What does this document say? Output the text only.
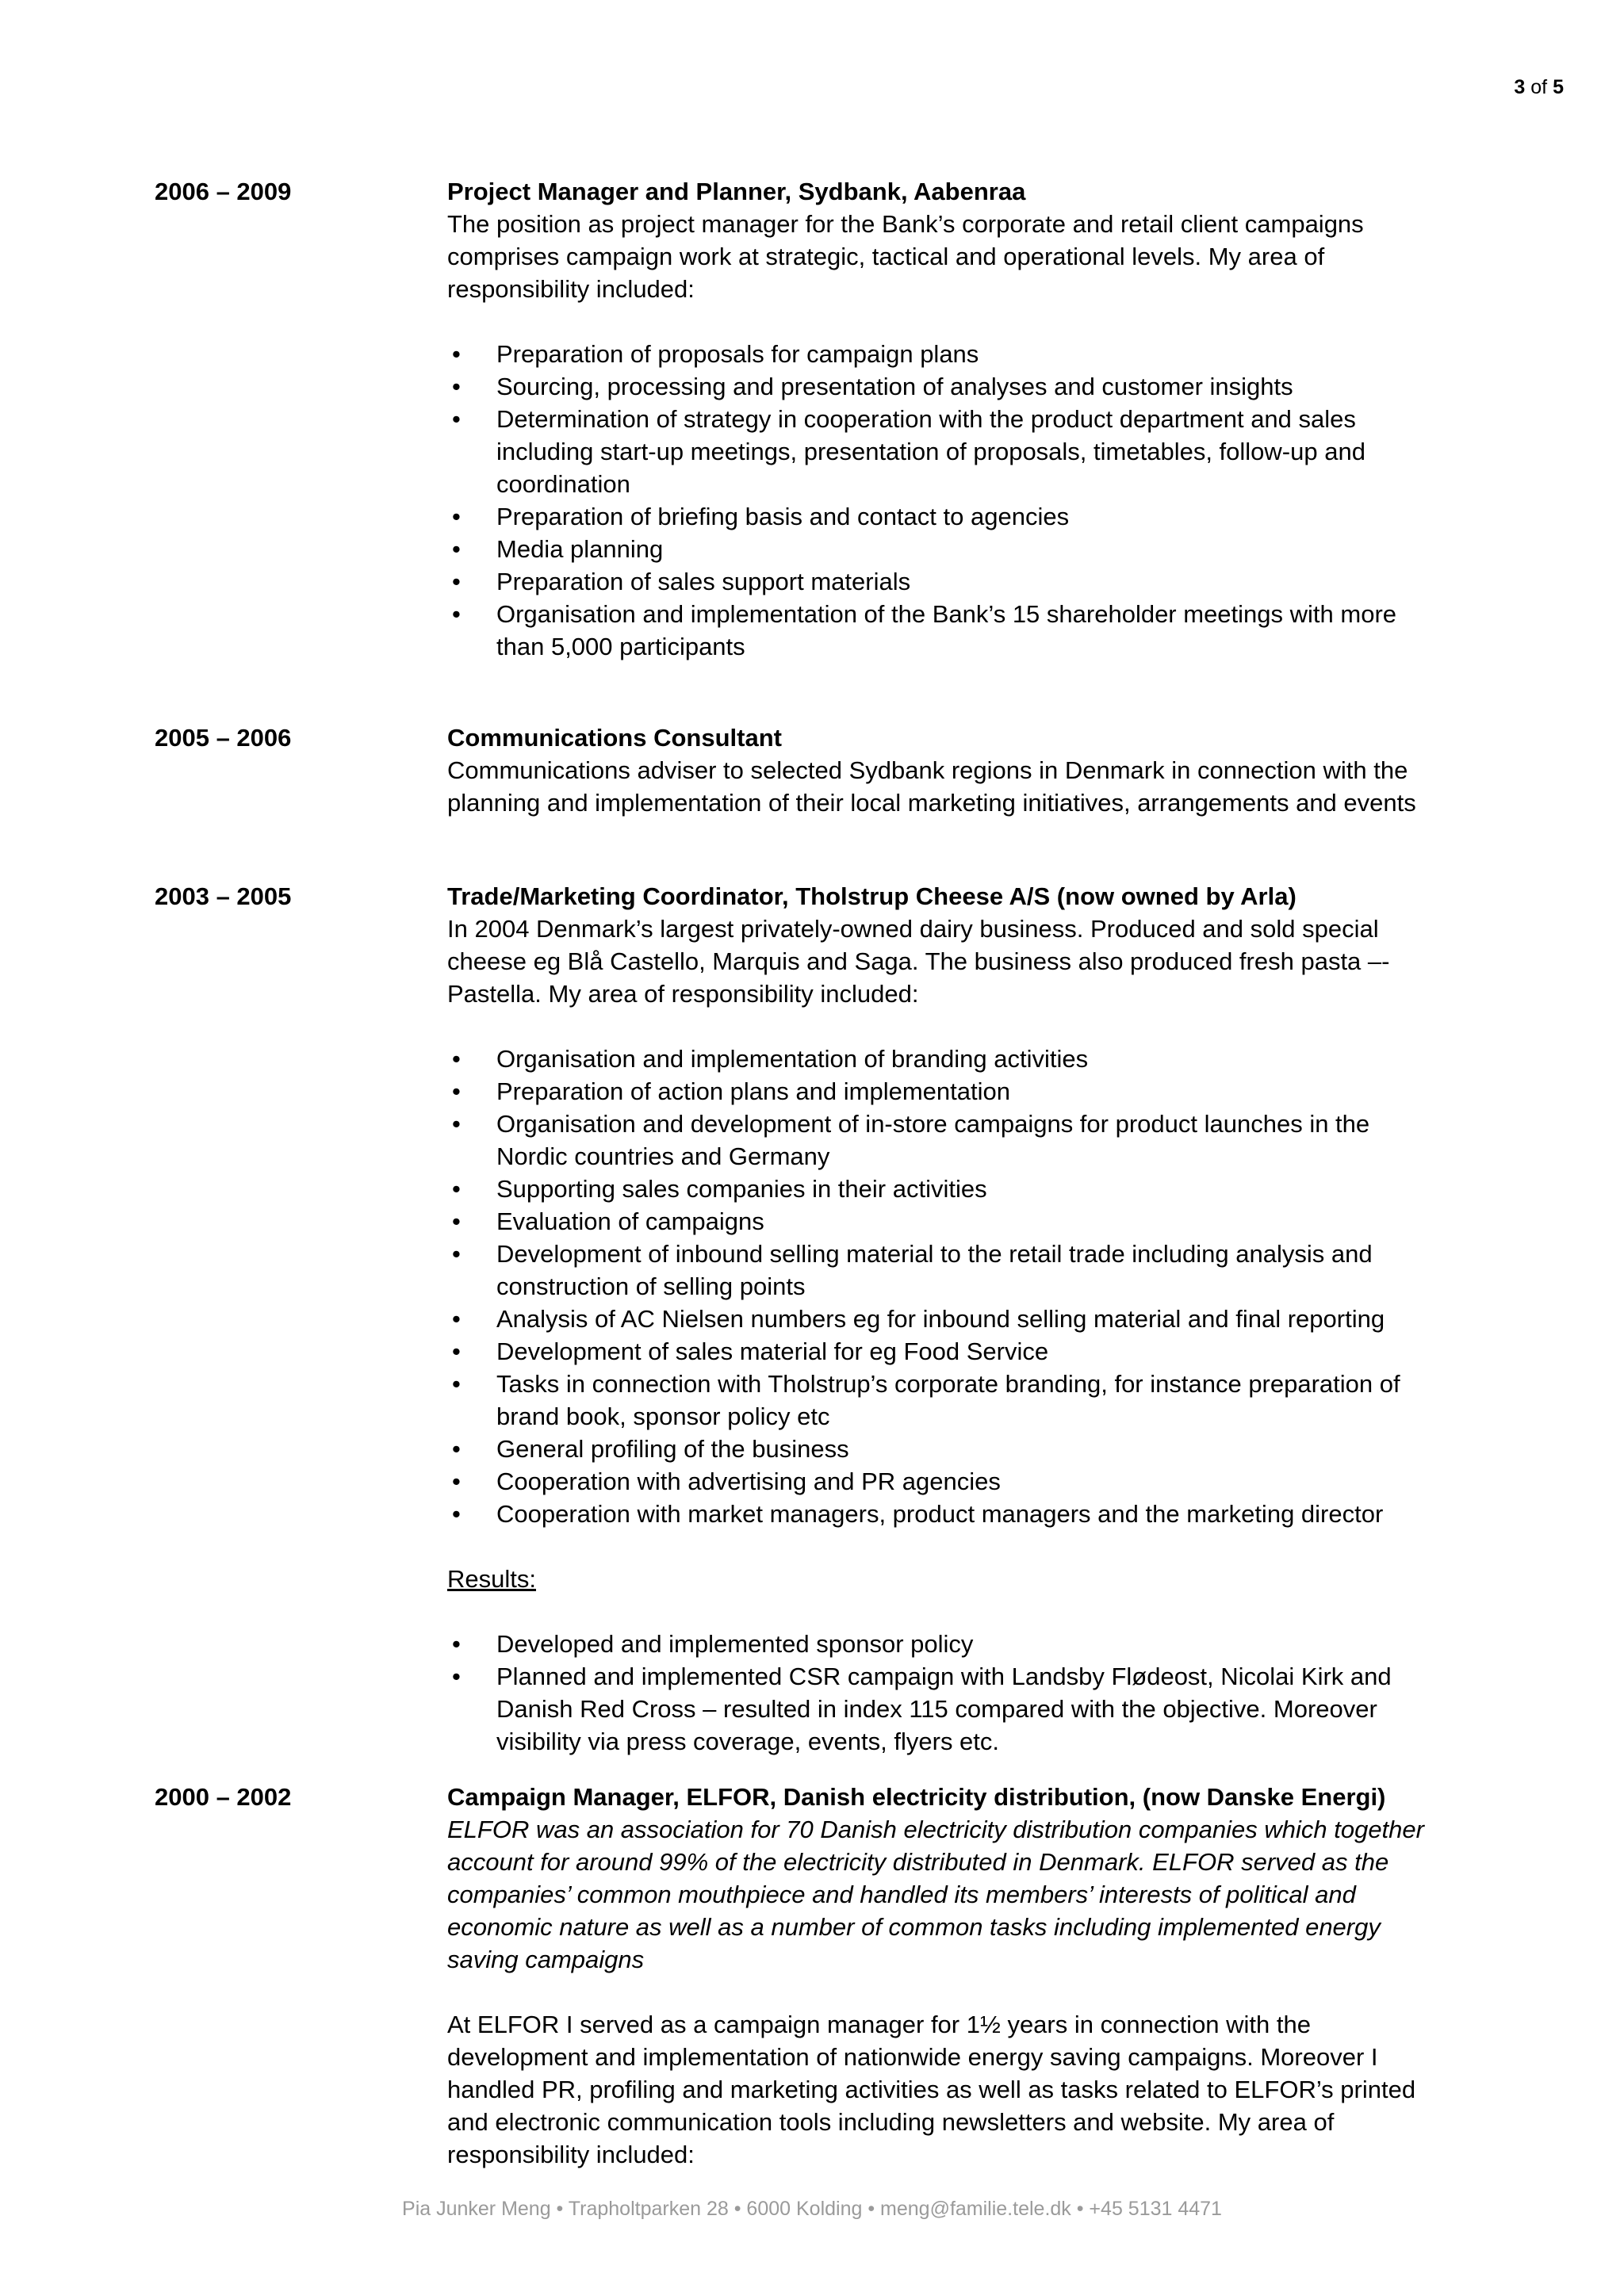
3 of 5
2006 – 2009	Project Manager and Planner, Sydbank, Aabenraa
The position as project manager for the Bank’s corporate and retail client campaigns
comprises campaign work at strategic, tactical and operational levels. My area of
responsibility included:
• Preparation of proposals for campaign plans
• Sourcing, processing and presentation of analyses and customer insights
• Determination of strategy in cooperation with the product department and sales
including start-up meetings, presentation of proposals, timetables, follow-up and
coordination
• Preparation of briefing basis and contact to agencies
• Media planning
• Preparation of sales support materials
• Organisation and implementation of the Bank’s 15 shareholder meetings with more
than 5,000 participants
2005 – 2006	Communications Consultant
Communications adviser to selected Sydbank regions in Denmark in connection with the
planning and implementation of their local marketing initiatives, arrangements and events
2003 – 2005	Trade/Marketing Coordinator, Tholstrup Cheese A/S (now owned by Arla)
In 2004 Denmark’s largest privately-owned dairy business. Produced and sold special
cheese eg Blå Castello, Marquis and Saga. The business also produced fresh pasta –-
Pastella. My area of responsibility included:
• Organisation and implementation of branding activities
• Preparation of action plans and implementation
• Organisation and development of in-store campaigns for product launches in the
Nordic countries and Germany
• Supporting sales companies in their activities
• Evaluation of campaigns
• Development of inbound selling material to the retail trade including analysis and
construction of selling points
• Analysis of AC Nielsen numbers eg for inbound selling material and final reporting
• Development of sales material for eg Food Service
• Tasks in connection with Tholstrup’s corporate branding, for instance preparation of
brand book, sponsor policy etc
• General profiling of the business
• Cooperation with advertising and PR agencies
• Cooperation with market managers, product managers and the marketing director
Results:
• Developed and implemented sponsor policy
• Planned and implemented CSR campaign with Landsby Flødeost, Nicolai Kirk and
Danish Red Cross – resulted in index 115 compared with the objective. Moreover
visibility via press coverage, events, flyers etc.
2000 – 2002	Campaign Manager, ELFOR, Danish electricity distribution, (now Danske Energi)
ELFOR was an association for 70 Danish electricity distribution companies which together
account for around 99% of the electricity distributed in Denmark. ELFOR served as the
companies’ common mouthpiece and handled its members’ interests of political and
economic nature as well as a number of common tasks including implemented energy
saving campaigns
At ELFOR I served as a campaign manager for 1½ years in connection with the
development and implementation of nationwide energy saving campaigns. Moreover I
handled PR, profiling and marketing activities as well as tasks related to ELFOR’s printed
and electronic communication tools including newsletters and website. My area of
responsibility included:
Pia Junker Meng • Trapholtparken 28 • 6000 Kolding • meng@familie.tele.dk • +45 5131 4471
